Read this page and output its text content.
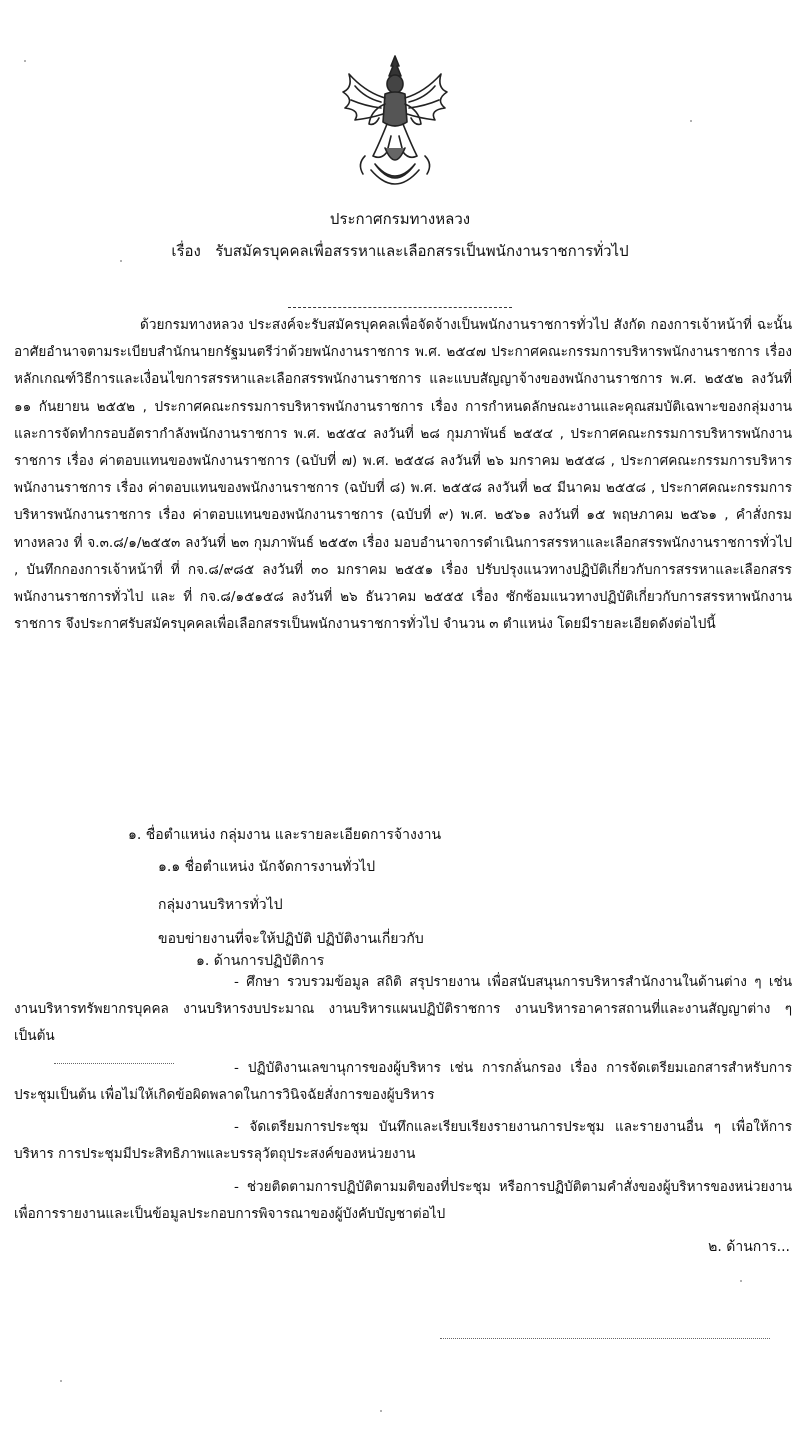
ประกาศกรมทางหลวง
เรื่อง รับสมัครบุคคลเพื่อสรรหาและเลือกสรรเป็นพนักงานราชการทั่วไป
ด้วยกรมทางหลวง ประสงค์จะรับสมัครบุคคลเพื่อจัดจ้างเป็นพนักงานราชการทั่วไป สังกัด กองการเจ้าหน้าที่ ฉะนั้น อาศัยอำนาจตามระเบียบสำนักนายกรัฐมนตรีว่าด้วยพนักงานราชการ พ.ศ. ๒๕๔๗ ประกาศคณะกรรมการบริหารพนักงานราชการ เรื่อง หลักเกณฑ์วิธีการและเงื่อนไขการสรรหาและเลือกสรรพนักงานราชการ และแบบสัญญาจ้างของพนักงานราชการ พ.ศ. ๒๕๕๒ ลงวันที่ ๑๑ กันยายน ๒๕๕๒ , ประกาศคณะกรรมการบริหารพนักงานราชการ เรื่อง การกำหนดลักษณะงานและคุณสมบัติเฉพาะของกลุ่มงานและการจัดทำกรอบอัตรากำลังพนักงานราชการ พ.ศ. ๒๕๕๔ ลงวันที่ ๒๘ กุมภาพันธ์ ๒๕๕๔ , ประกาศคณะกรรมการบริหารพนักงานราชการ เรื่อง ค่าตอบแทนของพนักงานราชการ (ฉบับที่ ๗) พ.ศ. ๒๕๕๘ ลงวันที่ ๒๖ มกราคม ๒๕๕๘ , ประกาศคณะกรรมการบริหารพนักงานราชการ เรื่อง ค่าตอบแทนของพนักงานราชการ (ฉบับที่ ๘) พ.ศ. ๒๕๕๘ ลงวันที่ ๒๔ มีนาคม ๒๕๕๘ , ประกาศคณะกรรมการบริหารพนักงานราชการ เรื่อง ค่าตอบแทนของพนักงานราชการ (ฉบับที่ ๙) พ.ศ. ๒๕๖๑ ลงวันที่ ๑๕ พฤษภาคม ๒๕๖๑ , คำสั่งกรมทางหลวง ที่ จ.๓.๘/๑/๒๕๕๓ ลงวันที่ ๒๓ กุมภาพันธ์ ๒๕๕๓ เรื่อง มอบอำนาจการดำเนินการสรรหาและเลือกสรรพนักงานราชการทั่วไป , บันทึกกองการเจ้าหน้าที่ ที่ กจ.๘/๙๘๕ ลงวันที่ ๓๐ มกราคม ๒๕๕๑ เรื่อง ปรับปรุงแนวทางปฏิบัติเกี่ยวกับการสรรหาและเลือกสรรพนักงานราชการทั่วไป และ ที่ กจ.๘/๑๕๑๕๘ ลงวันที่ ๒๖ ธันวาคม ๒๕๕๕ เรื่อง ซักซ้อมแนวทางปฏิบัติเกี่ยวกับการสรรหาพนักงานราชการ จึงประกาศรับสมัครบุคคลเพื่อเลือกสรรเป็นพนักงานราชการทั่วไป จำนวน ๓ ตำแหน่ง โดยมีรายละเอียดดังต่อไปนี้
๑. ชื่อตำแหน่ง กลุ่มงาน และรายละเอียดการจ้างงาน
๑.๑ ชื่อตำแหน่ง นักจัดการงานทั่วไป
กลุ่มงานบริหารทั่วไป
ขอบข่ายงานที่จะให้ปฏิบัติ ปฏิบัติงานเกี่ยวกับ
๑. ด้านการปฏิบัติการ
- ศึกษา รวบรวมข้อมูล สถิติ สรุปรายงาน เพื่อสนับสนุนการบริหารสำนักงานในด้านต่าง ๆ เช่น งานบริหารทรัพยากรบุคคล งานบริหารงบประมาณ งานบริหารแผนปฏิบัติราชการ งานบริหารอาคารสถานที่และงานสัญญาต่าง ๆ เป็นต้น
- ปฏิบัติงานเลขานุการของผู้บริหาร เช่น การกลั่นกรอง เรื่อง การจัดเตรียมเอกสารสำหรับการประชุมเป็นต้น เพื่อไม่ให้เกิดข้อผิดพลาดในการวินิจฉัยสั่งการของผู้บริหาร
- จัดเตรียมการประชุม บันทึกและเรียบเรียงรายงานการประชุม และรายงานอื่น ๆ เพื่อให้การบริหาร การประชุมมีประสิทธิภาพและบรรลุวัตถุประสงค์ของหน่วยงาน
- ช่วยติดตามการปฏิบัติตามมติของที่ประชุม หรือการปฏิบัติตามคำสั่งของผู้บริหารของหน่วยงาน เพื่อการรายงานและเป็นข้อมูลประกอบการพิจารณาของผู้บังคับบัญชาต่อไป
๒. ด้านการ...
